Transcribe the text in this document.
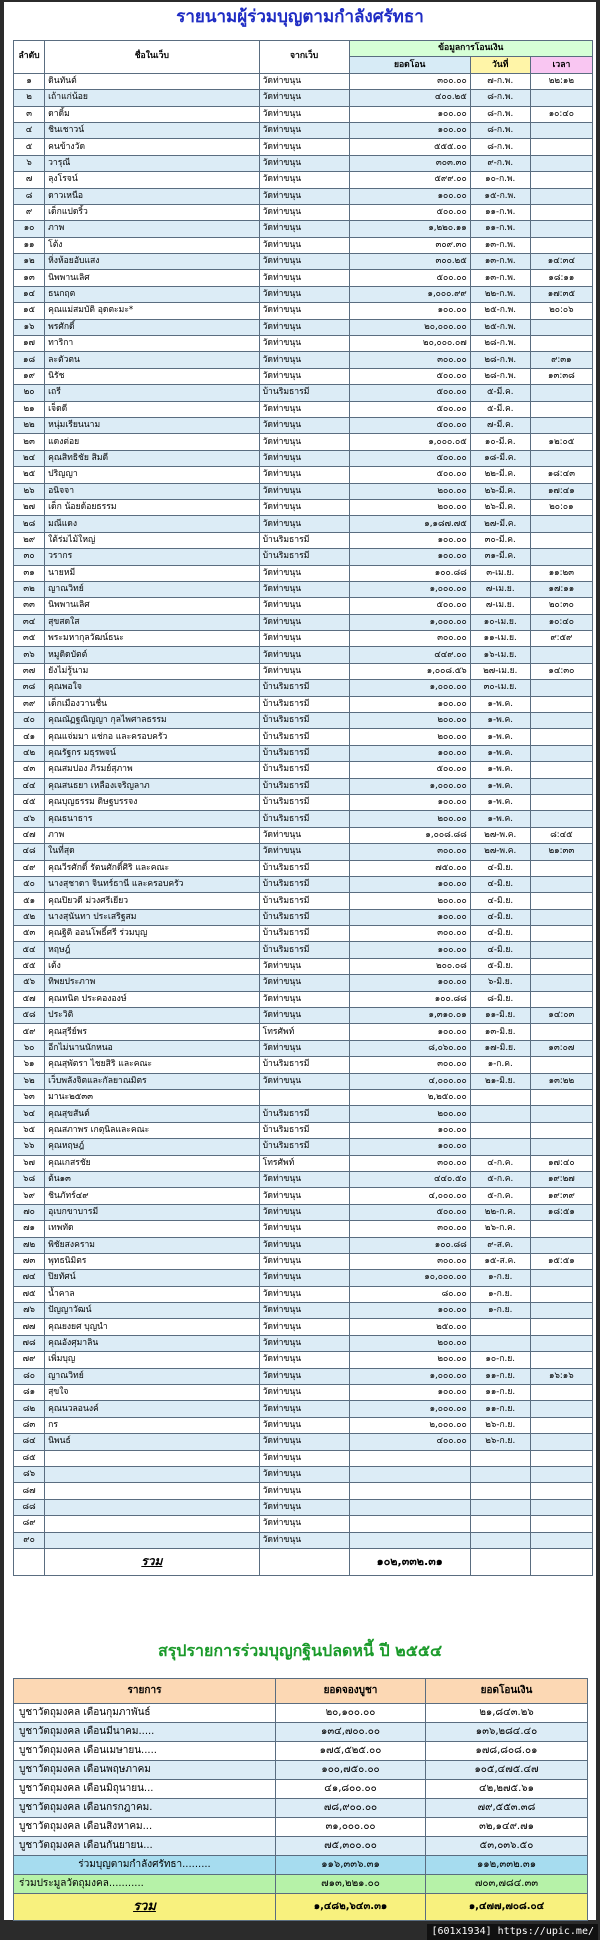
รายนามผู้ร่วมบุญตามกำลังศรัทธา
ลำดับ	ชื่อในเว็บ	จากเว็บ	ข้อมูลการโอนเงิน		
			ยอดโอน	วันที่	เวลา
๑	ดินทันต์	วัดท่าขนุน	๓๐๐.๐๐	๗-ก.พ.	๒๒:๑๒
๒	เถ้าแก่น้อย	วัดท่าขนุน	๔๐๐.๒๕	๘-ก.พ.	
๓	ดาดิ้ม	วัดท่าขนุน	๑๐๐.๐๐	๘-ก.พ.	๑๐:๔๐
๔	ชินเชาวน์	วัดท่าขนุน	๑๐๐.๐๐	๘-ก.พ.	
๕	คนข้างวัด	วัดท่าขนุน	๕๕๕.๐๐	๘-ก.พ.	
๖	วารุณี	วัดท่าขนุน	๓๐๓.๓๐	๙-ก.พ.	
๗	ลุงโรจน์	วัดท่าขนุน	๕๙๙.๐๐	๑๐-ก.พ.	
๘	ดาวเหนือ	วัดท่าขนุน	๑๐๐.๐๐	๑๕-ก.พ.	
๙	เด็กแปดริ้ว	วัดท่าขนุน	๕๐๐.๐๐	๑๑-ก.พ.	
๑๐	ภาพ	วัดท่าขนุน	๑,๒๒๐.๑๑	๑๑-ก.พ.	
๑๑	โต้ง	วัดท่าขนุน	๓๐๙.๓๐	๑๓-ก.พ.	
๑๒	หิ่งห้อยอับแสง	วัดท่าขนุน	๓๐๐.๒๕	๑๓-ก.พ.	๑๔:๓๔
๑๓	นิพพานเลิศ	วัดท่าขนุน	๕๐๐.๐๐	๑๓-ก.พ.	๑๘:๑๑
๑๔	ธนกฤต	วัดท่าขนุน	๑,๐๐๐.๙๙	๒๒-ก.พ.	๑๗:๓๕
๑๕	คุณแม่สมบัติ อุดตะมะ*	วัดท่าขนุน	๑๐๐.๐๐	๒๕-ก.พ.	๒๐:๐๖
๑๖	พรศักดิ์	วัดท่าขนุน	๒๐,๐๐๐.๐๐	๒๕-ก.พ.	
๑๗	ทาริกา	วัดท่าขนุน	๒๐,๐๐๐.๐๗	๒๘-ก.พ.	
๑๘	ละตัวตน	วัดท่าขนุน	๓๐๐.๐๐	๒๘-ก.พ.	๙:๓๑
๑๙	นิรัช	วัดท่าขนุน	๕๐๐.๐๐	๒๘-ก.พ.	๑๓:๓๘
๒๐	เถรี	บ้านริมธารมี	๕๐๐.๐๐	๕-มี.ค.	
๒๑	เจ็ดดี	วัดท่าขนุน	๕๐๐.๐๐	๕-มี.ค.	
๒๒	หนุ่มเรียนนาม	วัดท่าขนุน	๕๐๐.๐๐	๗-มี.ค.	
๒๓	แดงต่อย	วัดท่าขนุน	๑,๐๐๐.๐๕	๑๐-มี.ค.	๑๒:๐๕
๒๔	คุณสิทธิชัย สิมดี	วัดท่าขนุน	๕๐๐.๐๐	๑๘-มี.ค.	
๒๕	ปริญญา	วัดท่าขนุน	๕๐๐.๐๐	๒๒-มี.ค.	๑๘:๔๓
๒๖	อนิจจา	วัดท่าขนุน	๒๐๐.๐๐	๒๖-มี.ค.	๑๗:๔๑
๒๗	เด็ก น้อยด้อยธรรม	วัดท่าขนุน	๒๐๐.๐๐	๒๖-มี.ค.	๒๐:๐๑
๒๘	มณีแดง	วัดท่าขนุน	๑,๑๘๗.๗๕	๒๗-มี.ค.	
๒๙	ใต้ร่มไม้ใหญ่	บ้านริมธารมี	๑๐๐.๐๐	๓๐-มี.ค.	
๓๐	วรากร	บ้านริมธารมี	๑๐๐.๐๐	๓๑-มี.ค.	
๓๑	นายหมี	วัดท่าขนุน	๑๐๐.๘๘	๓-เม.ย.	๑๑:๒๓
๓๒	ญาณวิทย์	วัดท่าขนุน	๑,๐๐๐.๐๐	๗-เม.ย.	๑๗:๑๑
๓๓	นิพพานเลิศ	วัดท่าขนุน	๕๐๐.๐๐	๗-เม.ย.	๒๐:๓๐
๓๔	สุขสดใส	วัดท่าขนุน	๑,๐๐๐.๐๐	๑๐-เม.ย.	๑๐:๔๐
๓๕	พระมหากุลวัฒน์ธนะ	วัดท่าขนุน	๓๐๐.๐๐	๑๑-เม.ย.	๙:๕๙
๓๖	หมูดิดบัตต์	วัดท่าขนุน	๔๔๙.๐๐	๑๖-เม.ย.	
๓๗	ยังไม่รู้นาม	วัดท่าขนุน	๑,๐๐๘.๕๖	๒๗-เม.ย.	๑๔:๓๐
๓๘	คุณพอใจ	บ้านริมธารมี	๑,๐๐๐.๐๐	๓๐-เม.ย.	
๓๙	เด็กเมืองวานชื่น	บ้านริมธารมี	๑๐๐.๐๐	๑-พ.ค.	
๔๐	คุณณัฏฐณิญญา กุลไพศาลธรรม	บ้านริมธารมี	๒๐๐.๐๐	๑-พ.ค.	
๔๑	คุณแจ่มมา แช่กอ และครอบครัว	บ้านริมธารมี	๒๐๐.๐๐	๑-พ.ค.	
๔๒	คุณรัฐกร มธุรพจน์	บ้านริมธารมี	๑๐๐.๐๐	๑-พ.ค.	
๔๓	คุณสมปอง ภิรมย์สุภาพ	บ้านริมธารมี	๕๐๐.๐๐	๑-พ.ค.	
๔๔	คุณสนธยา เหลืองเจริญลาภ	บ้านริมธารมี	๑,๐๐๐.๐๐	๑-พ.ค.	
๔๕	คุณบุญธรรม ดิษฐบรรจง	บ้านริมธารมี	๑๐๐.๐๐	๑-พ.ค.	
๔๖	คุณธนาธาร	บ้านริมธารมี	๒๐๐.๐๐	๑-พ.ค.	
๔๗	ภาพ	วัดท่าขนุน	๑,๐๐๘.๘๘	๒๗-พ.ค.	๘:๔๕
๔๘	ในที่สุด	วัดท่าขนุน	๓๐๐.๐๐	๒๗-พ.ค.	๒๑:๓๓
๔๙	คุณวีรศักดิ์ รัตนศักดิ์ศิริ และคณะ	บ้านริมธารมี	๗๕๐.๐๐	๔-มิ.ย.	
๕๐	นางสุชาดา จินทร์ธานี และครอบครัว	บ้านริมธารมี	๑๐๐.๐๐	๔-มิ.ย.	
๕๑	คุณปิยวดี ม่วงศรีเยียว	บ้านริมธารมี	๒๐๐.๐๐	๔-มิ.ย.	
๕๒	นางสุนันทา ประเสริฐสม	บ้านริมธารมี	๑๐๐.๐๐	๔-มิ.ย.	
๕๓	คุณฐิติ ออนโพธิ์ศรี ร่วมบุญ	บ้านริมธารมี	๓๐๐.๐๐	๔-มิ.ย.	
๕๔	หฤษฎ์	บ้านริมธารมี	๑๐๐.๐๐	๔-มิ.ย.	
๕๕	เต้ง	วัดท่าขนุน	๒๐๐.๐๘	๕-มิ.ย.	
๕๖	ทิพยประภาพ	วัดท่าขนุน	๑๐๐.๐๐	๖-มิ.ย.	
๕๗	คุณทนิต ประคององษ์	วัดท่าขนุน	๑๐๐.๘๘	๘-มิ.ย.	
๕๘	ประวิติ	วัดท่าขนุน	๑,๓๑๐.๐๑	๑๑-มิ.ย.	๑๔:๐๓
๕๙	คุณสุรีย์พร	โทรศัพท์	๑๐๐.๐๐	๑๓-มิ.ย.	
๖๐	อีกไม่นานนักหนอ	วัดท่าขนุน	๘,๐๖๐.๐๐	๑๗-มิ.ย.	๑๓:๐๗
๖๑	คุณสุพัตรา ไชยสิริ และคณะ	บ้านริมธารมี	๓๐๐.๐๐	๑-ก.ค.	
๖๒	เว็บพลังจิตและกัลยาณมิตร	วัดท่าขนุน	๔,๐๐๐.๐๐	๒๑-มิ.ย.	๑๓:๒๒
๖๓	มานะ๒๕๓๓		๒,๒๕๐.๐๐		
๖๔	คุณสุขสันต์	บ้านริมธารมี	๒๐๐.๐๐		
๖๕	คุณสภาพร เกตุนิลและคณะ	บ้านริมธารมี	๑๐๐.๐๐		
๖๖	คุณหฤษฎ์	บ้านริมธารมี	๑๐๐.๐๐		
๖๗	คุณเกสรชัย	โทรศัพท์	๓๐๐.๐๐	๔-ก.ค.	๑๗:๔๐
๖๘	ต้น๑๓	วัดท่าขนุน	๔๔๐.๕๐	๕-ก.ค.	๑๙:๒๗
๖๙	ชินภัทร์๔๙	วัดท่าขนุน	๔,๐๐๐.๐๐	๕-ก.ค.	๑๙:๓๙
๗๐	อุเบกขาบารมี	วัดท่าขนุน	๕๐๐.๐๐	๒๒-ก.ค.	๑๘:๕๑
๗๑	เทพทัด	วัดท่าขนุน	๓๐๐.๐๐	๒๖-ก.ค.	
๗๒	พิชัยสงคราม	วัดท่าขนุน	๑๐๐.๘๘	๙-ส.ค.	
๗๓	พุทธนิมิตร	วัดท่าขนุน	๓๐๐.๐๐	๑๕-ส.ค.	๑๕:๕๑
๗๔	ปิยทัศน์	วัดท่าขนุน	๑๐,๐๐๐.๐๐	๑-ก.ย.	
๗๕	น้ำคาล	วัดท่าขนุน	๘๐.๐๐	๑-ก.ย.	
๗๖	ปัญญาวัฒน์	วัดท่าขนุน	๑๐๐.๐๐	๑-ก.ย.	
๗๗	คุณยงยศ บุญนำ	วัดท่าขนุน	๒๕๐.๐๐		
๗๘	คุณอังศุมาลิน	วัดท่าขนุน	๒๐๐.๐๐		
๗๙	เพิ่มบุญ	วัดท่าขนุน	๒๐๐.๐๐	๑๐-ก.ย.	
๘๐	ญาณวิทย์	วัดท่าขนุน	๑,๐๐๐.๐๐	๑๑-ก.ย.	๑๖:๑๖
๘๑	สุขใจ	วัดท่าขนุน	๑๐๐.๐๐	๑๑-ก.ย.	
๘๒	คุณนวลอนงค์	วัดท่าขนุน	๑,๐๐๐.๐๐	๑๑-ก.ย.	
๘๓	กร	วัดท่าขนุน	๒,๐๐๐.๐๐	๒๖-ก.ย.	
๘๔	นิพนธ์	วัดท่าขนุน	๔๐๐.๐๐	๒๖-ก.ย.	
๘๕		วัดท่าขนุน			
๘๖		วัดท่าขนุน			
๘๗		วัดท่าขนุน			
๘๘		วัดท่าขนุน			
๘๙		วัดท่าขนุน			
๙๐		วัดท่าขนุน			
	รวม		๑๐๒,๓๓๒.๓๑		
สรุปรายการร่วมบุญกฐินปลดหนี้ ปี ๒๕๕๔
รายการ	ยอดจองบูชา	ยอดโอนเงิน
บูชาวัตถุมงคล เดือนกุมภาพันธ์	๒๐,๑๐๐.๐๐	๒๑,๘๔๓.๒๖
บูชาวัตถุมงคล เดือนมีนาคม.....	๑๓๔,๗๐๐.๐๐	๑๓๖,๒๘๔.๔๐
บูชาวัตถุมงคล เดือนเมษายน.....	๑๗๕,๕๒๕.๐๐	๑๗๘,๘๐๘.๐๑
บูชาวัตถุมงคล เดือนพฤษภาคม	๑๐๐,๗๕๐.๐๐	๑๐๕,๔๗๕.๔๗
บูชาวัตถุมงคล เดือนมิถุนายน...	๔๑,๘๐๐.๐๐	๔๒,๒๗๕.๖๑
บูชาวัตถุมงคล เดือนกรกฎาคม.	๗๘,๙๐๐.๐๐	๗๙,๕๕๓.๓๘
บูชาวัตถุมงคล เดือนสิงหาคม...	๓๑,๐๐๐.๐๐	๓๒,๑๔๙.๗๑
บูชาวัตถุมงคล เดือนกันยายน...	๗๕,๓๐๐.๐๐	๕๓,๐๓๖.๕๐
ร่วมบุญตามกำลังศรัทธา.........	๑๑๖,๓๓๖.๓๑	๑๑๒,๓๓๒.๓๑
ร่วมประมูลวัตถุมงคล...........	๗๑๓,๒๒๑.๐๐	๗๐๓,๗๘๔.๓๓
รวม	๑,๔๘๒,๖๔๓.๓๑	๑,๔๗๗,๗๐๘.๐๔
[601x1934] https://upic.me/
